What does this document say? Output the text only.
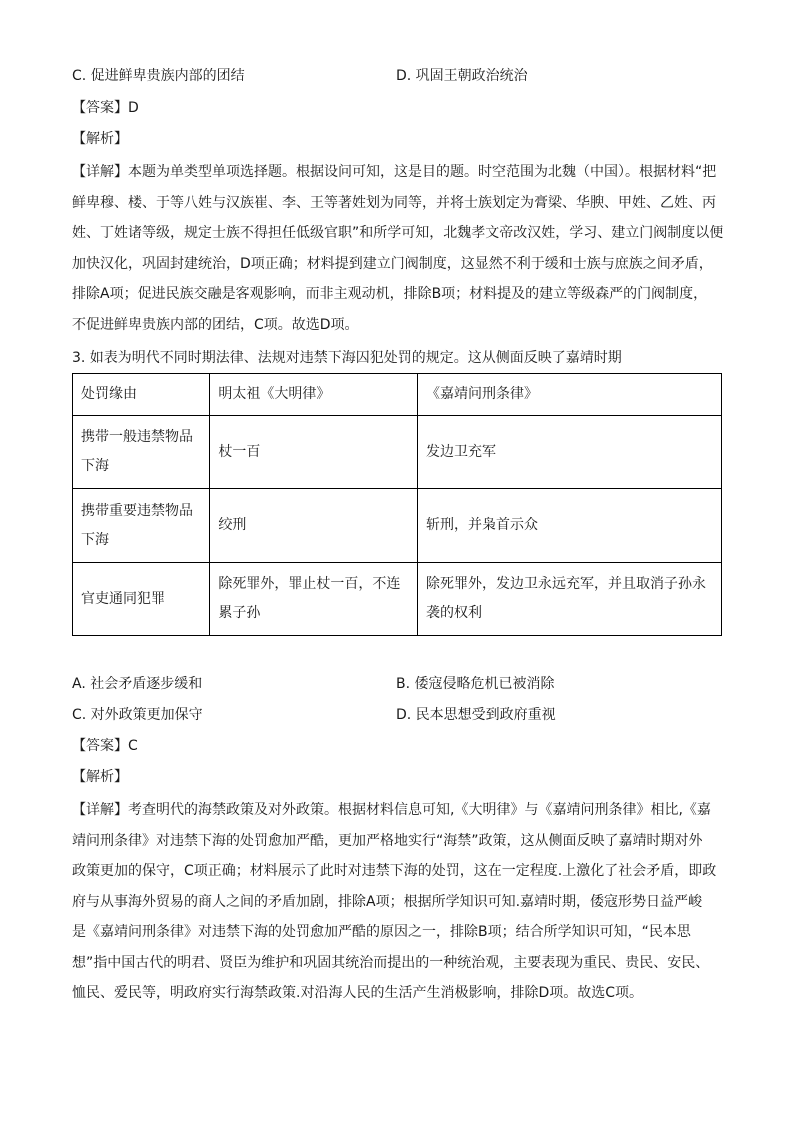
C. 促进鲜卑贵族内部的团结	D. 巩固王朝政治统治
【答案】D
【解析】
【详解】本题为单类型单项选择题。根据设问可知，这是目的题。时空范围为北魏（中国）。根据材料“把
鲜卑穆、楼、于等八姓与汉族崔、李、王等著姓划为同等，并将士族划定为膏梁、华腴、甲姓、乙姓、丙
姓、丁姓诸等级，规定士族不得担任低级官职”和所学可知，北魏孝文帝改汉姓，学习、建立门阀制度以便
加快汉化，巩固封建统治，D项正确；材料提到建立门阀制度，这显然不利于缓和士族与庶族之间矛盾，
排除A项；促进民族交融是客观影响，而非主观动机，排除B项；材料提及的建立等级森严的门阀制度，
不促进鲜卑贵族内部的团结，C项。故选D项。
3. 如表为明代不同时期法律、法规对违禁下海囚犯处罚的规定。这从侧面反映了嘉靖时期
处罚缘由	明太祖《大明律》	《嘉靖问刑条律》

携带一般违禁物品
下海	杖一百	发边卫充军

携带重要违禁物品
下海	绞刑	斩刑，并枭首示众

官吏通同犯罪	除死罪外，罪止杖一百，不连
累子孙	除死罪外，发边卫永远充军，并且取消子孙永
袭的权利
A. 社会矛盾逐步缓和	B. 倭寇侵略危机已被消除
C. 对外政策更加保守	D. 民本思想受到政府重视
【答案】C
【解析】
【详解】考查明代的海禁政策及对外政策。根据材料信息可知,《大明律》与《嘉靖问刑条律》相比,《嘉
靖问刑条律》对违禁下海的处罚愈加严酷，更加严格地实行“海禁”政策，这从侧面反映了嘉靖时期对外
政策更加的保守，C项正确；材料展示了此时对违禁下海的处罚，这在一定程度.上激化了社会矛盾，即政
府与从事海外贸易的商人之间的矛盾加剧，排除A项；根据所学知识可知.嘉靖时期，倭寇形势日益严峻
是《嘉靖问刑条律》对违禁下海的处罚愈加严酷的原因之一，排除B项；结合所学知识可知，“民本思
想”指中国古代的明君、贤臣为维护和巩固其统治而提出的一种统治观，主要表现为重民、贵民、安民、
恤民、爱民等，明政府实行海禁政策.对沿海人民的生活产生消极影响，排除D项。故选C项。
